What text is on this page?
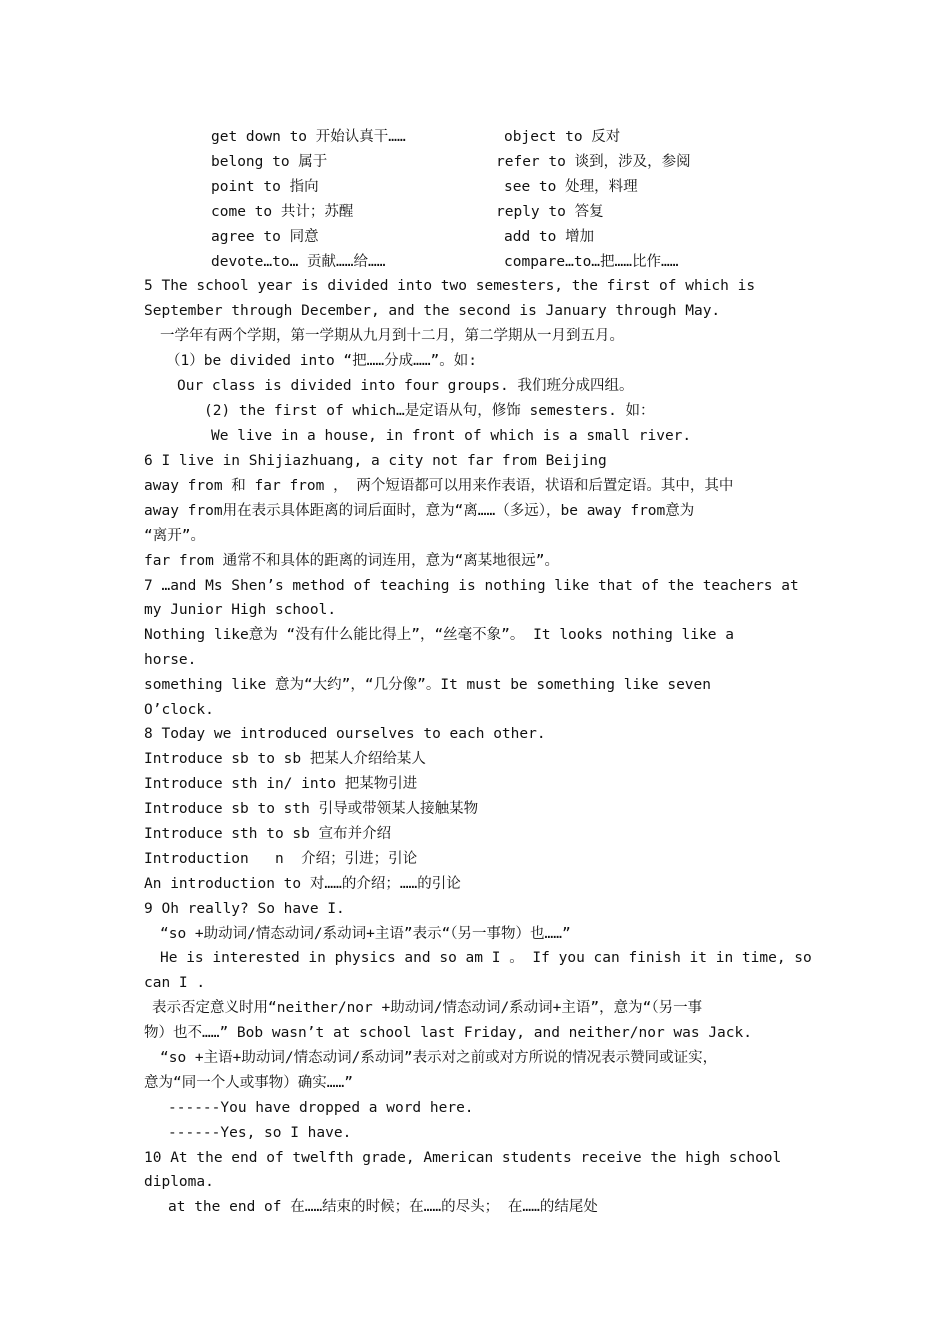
get down to 开始认真干……
belong to 属于
point to 指向
come to 共计；苏醒
agree to 同意
devote…to… 贡献……给……
object to 反对
refer to 谈到，涉及，参阅
see to 处理，料理
reply to 答复
add to 增加
compare…to…把……比作……
5 The school year is divided into two semesters, the first of which is
September through December, and the second is January through May.
一学年有两个学期，第一学期从九月到十二月，第二学期从一月到五月。
（1）be divided into “把……分成……”。如:
Our class is divided into four groups. 我们班分成四组。
(2) the first of which…是定语从句，修饰 semesters. 如：
We live in a house, in front of which is a small river.
6 I live in Shijiazhuang, a city not far from Beijing
away from 和 far from ， 两个短语都可以用来作表语，状语和后置定语。其中，其中
away from用在表示具体距离的词后面时，意为“离……（多远），be away from意为
“离开”。
far from 通常不和具体的距离的词连用，意为“离某地很远”。
7 …and Ms Shen’s method of teaching is nothing like that of the teachers at
my Junior High school.
Nothing like意为 “没有什么能比得上”，“丝毫不象”。 It looks nothing like a
horse.
something like 意为“大约”，“几分像”。It must be something like seven
O’clock.
8 Today we introduced ourselves to each other.
Introduce sb to sb 把某人介绍给某人
Introduce sth in/ into 把某物引进
Introduce sb to sth 引导或带领某人接触某物
Introduce sth to sb 宣布并介绍
Introduction   n  介绍；引进；引论
An introduction to 对……的介绍；……的引论
9 Oh really? So have I.
“so +助动词/情态动词/系动词+主语”表示“（另一事物）也……”
He is interested in physics and so am I 。 If you can finish it in time, so
can I .
表示否定意义时用“neither/nor +助动词/情态动词/系动词+主语”，意为“（另一事
物）也不……” Bob wasn’t at school last Friday, and neither/nor was Jack.
“so +主语+助动词/情态动词/系动词”表示对之前或对方所说的情况表示赞同或证实，
意为“同一个人或事物）确实……”
------You have dropped a word here.
------Yes, so I have.
10 At the end of twelfth grade, American students receive the high school
diploma.
at the end of 在……结束的时候；在……的尽头； 在……的结尾处
